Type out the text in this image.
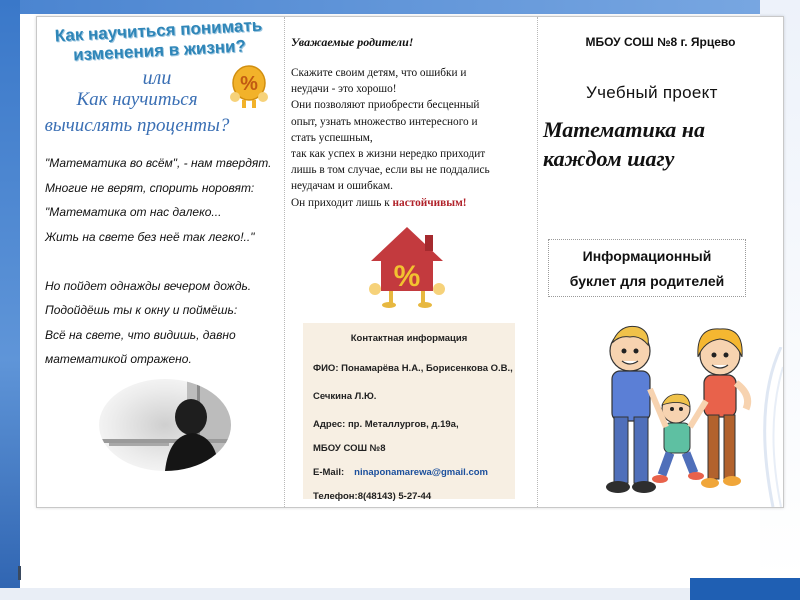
Как научиться понимать изменения в жизни?
или
Как научиться
вычислять проценты?
%
"Математика во всём", - нам твердят.
Многие не верят, спорить норовят:
"Математика от нас далеко...
Жить на свете без неё так легко!.."

Но пойдет однажды вечером дождь.
Подойдёшь ты к окну и поймёшь:
Всё на свете, что видишь, давно
математикой отражено.
Уважаемые родители!
Скажите своим детям, что ошибки и
неудачи - это хорошо!
Они позволяют приобрести бесценный
опыт, узнать множество интересного и
стать успешным,
так как успех в жизни нередко приходит
лишь в том случае, если вы не поддались
неудачам и ошибкам.
Он приходит лишь к настойчивым!
%
Контактная информация
ФИО: Понамарёва Н.А., Борисенкова О.В.,
Сечкина Л.Ю.
Адрес: пр. Металлургов, д.19а,
МБОУ СОШ №8
E-Mail: ninaponamarewa@gmail.com
Телефон:8(48143) 5-27-44
МБОУ СОШ №8 г. Ярцево
Учебный проект
Математика на
каждом шагу
Информационный
буклет для родителей
